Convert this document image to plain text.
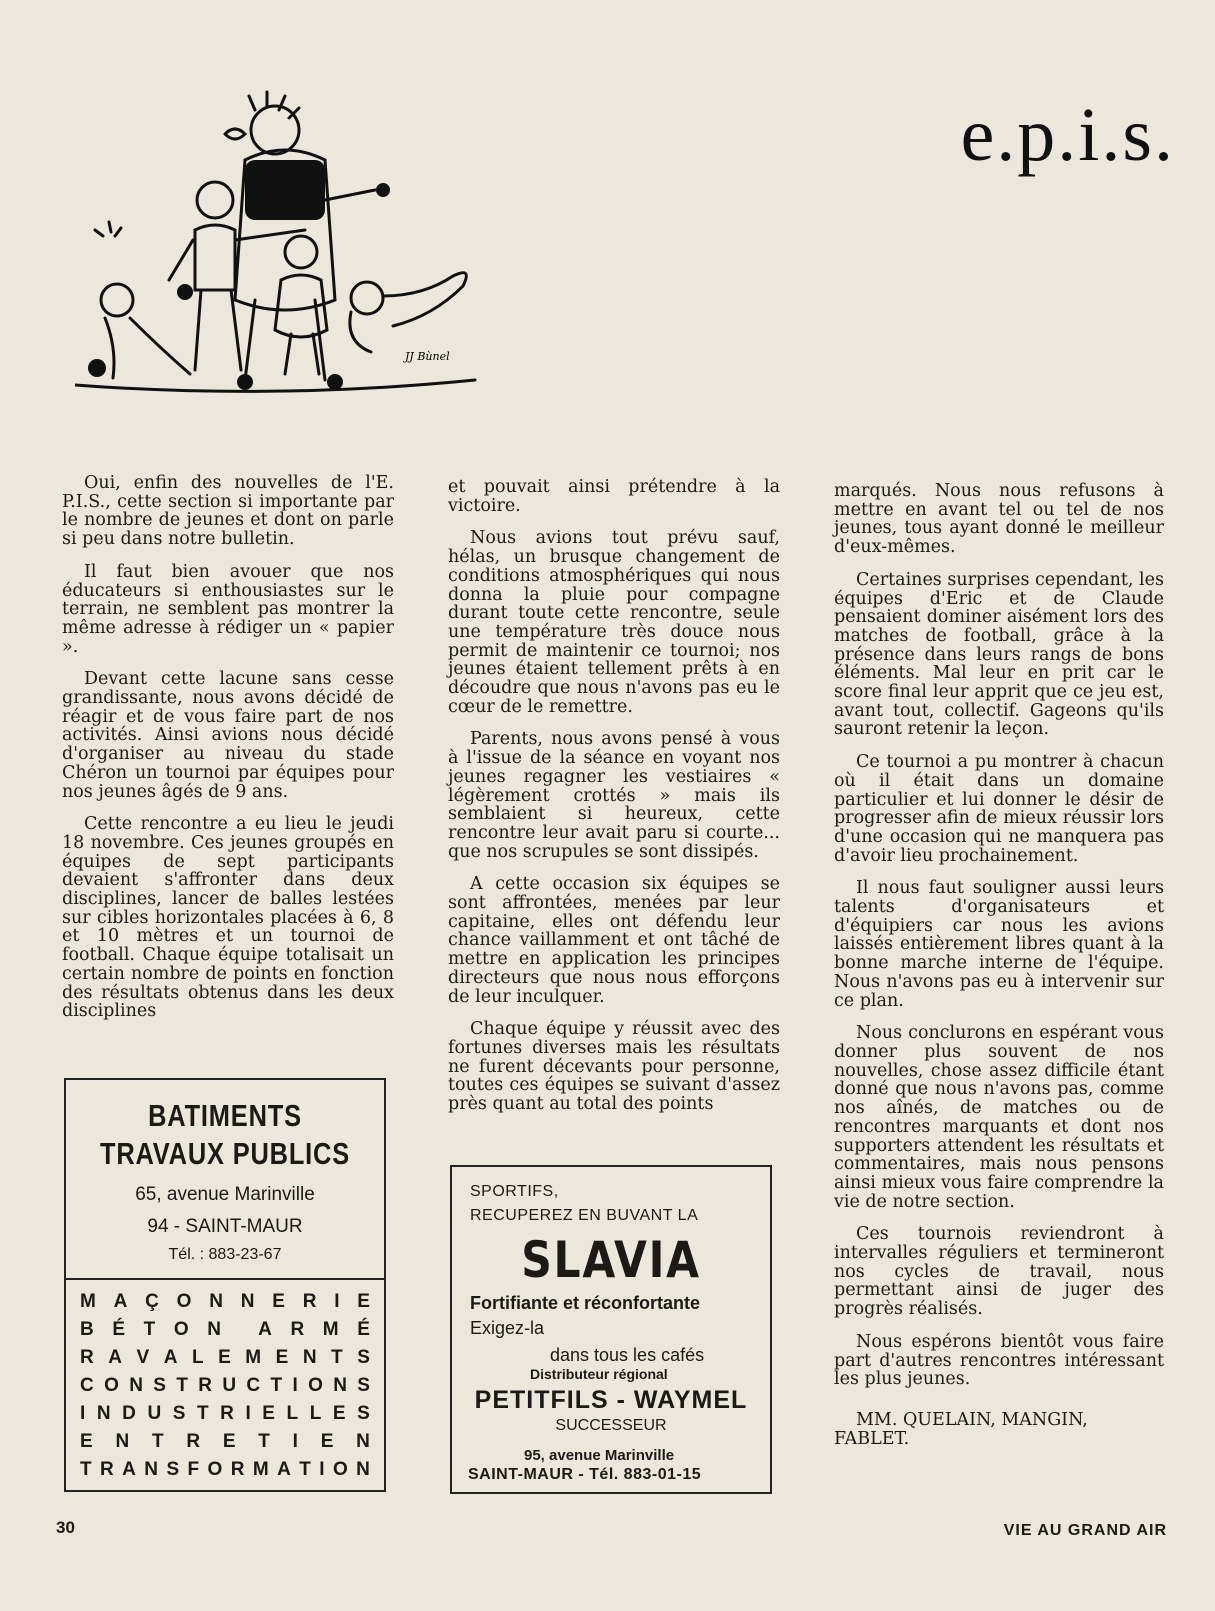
e.p.i.s.
JJ Bùnel

Oui, enfin des nouvelles de l'E. P.I.S., cette section si importante par le nombre de jeunes et dont on parle si peu dans notre bulletin.

Il faut bien avouer que nos éducateurs si enthousiastes sur le terrain, ne semblent pas montrer la même adresse à rédiger un « papier ».

Devant cette lacune sans cesse grandissante, nous avons décidé de réagir et de vous faire part de nos activités. Ainsi avions nous décidé d'organiser au niveau du stade Chéron un tournoi par équipes pour nos jeunes âgés de 9 ans.

Cette rencontre a eu lieu le jeudi 18 novembre. Ces jeunes groupés en équipes de sept participants devaient s'affronter dans deux disciplines, lancer de balles lestées sur cibles horizontales placées à 6, 8 et 10 mètres et un tournoi de football. Chaque équipe totalisait un certain nombre de points en fonction des résultats obtenus dans les deux disciplines

et pouvait ainsi prétendre à la victoire.

Nous avions tout prévu sauf, hélas, un brusque changement de conditions atmosphériques qui nous donna la pluie pour compagne durant toute cette rencontre, seule une température très douce nous permit de maintenir ce tournoi; nos jeunes étaient tellement prêts à en découdre que nous n'avons pas eu le cœur de le remettre.

Parents, nous avons pensé à vous à l'issue de la séance en voyant nos jeunes regagner les vestiaires « légèrement crottés » mais ils semblaient si heureux, cette rencontre leur avait paru si courte... que nos scrupules se sont dissipés.

A cette occasion six équipes se sont affrontées, menées par leur capitaine, elles ont défendu leur chance vaillamment et ont tâché de mettre en application les principes directeurs que nous nous efforçons de leur inculquer.

Chaque équipe y réussit avec des fortunes diverses mais les résultats ne furent décevants pour personne, toutes ces équipes se suivant d'assez près quant au total des points

marqués. Nous nous refusons à mettre en avant tel ou tel de nos jeunes, tous ayant donné le meilleur d'eux-mêmes.

Certaines surprises cependant, les équipes d'Eric et de Claude pensaient dominer aisément lors des matches de football, grâce à la présence dans leurs rangs de bons éléments. Mal leur en prit car le score final leur apprit que ce jeu est, avant tout, collectif. Gageons qu'ils sauront retenir la leçon.

Ce tournoi a pu montrer à chacun où il était dans un domaine particulier et lui donner le désir de progresser afin de mieux réussir lors d'une occasion qui ne manquera pas d'avoir lieu prochainement.

Il nous faut souligner aussi leurs talents d'organisateurs et d'équipiers car nous les avions laissés entièrement libres quant à la bonne marche interne de l'équipe. Nous n'avons pas eu à intervenir sur ce plan.

Nous conclurons en espérant vous donner plus souvent de nos nouvelles, chose assez difficile étant donné que nous n'avons pas, comme nos aînés, de matches ou de rencontres marquants et dont nos supporters attendent les résultats et commentaires, mais nous pensons ainsi mieux vous faire comprendre la vie de notre section.

Ces tournois reviendront à intervalles réguliers et termineront nos cycles de travail, nous permettant ainsi de juger des progrès réalisés.

Nous espérons bientôt vous faire part d'autres rencontres intéressant les plus jeunes.

MM. QUELAIN, MANGIN, FABLET.

BATIMENTS
TRAVAUX PUBLICS
65, avenue Marinville
94 - SAINT-MAUR
Tél. : 883-23-67
M A Ç O N N E R I E
B É T O N A R M É
R A V A L E M E N T S
C O N S T R U C T I O N S
I N D U S T R I E L L E S
E N T R E T I E N
T R A N S F O R M A T I O N
SPORTIFS,
RECUPEREZ EN BUVANT LA
SLAVIA
Fortifiante et réconfortante
Exigez-la
dans tous les cafés
Distributeur régional
PETITFILS - WAYMEL
SUCCESSEUR
95, avenue Marinville
SAINT-MAUR - Tél. 883-01-15
30	VIE AU GRAND AIR
